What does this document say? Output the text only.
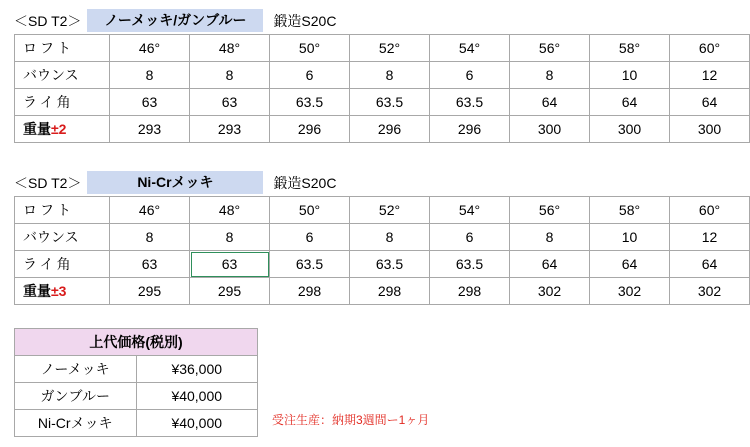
＜SD T2＞	ノーメッキ/ガンブルー	鍛造S20C
ロフト	46°	48°	50°	52°	54°	56°	58°	60°
バウンス	8	8	6	8	6	8	10	12
ライ角	63	63	63.5	63.5	63.5	64	64	64
重量±2	293	293	296	296	296	300	300	300
＜SD T2＞	Ni-Crメッキ	鍛造S20C
ロフト	46°	48°	50°	52°	54°	56°	58°	60°
バウンス	8	8	6	8	6	8	10	12
ライ角	63	63	63.5	63.5	63.5	64	64	64
重量±3	295	295	298	298	298	302	302	302
上代価格(税別)	
ノーメッキ	¥36,000
ガンブルー	¥40,000
Ni-Crメッキ	¥40,000	受注生産：納期3週間ー1ヶ月
